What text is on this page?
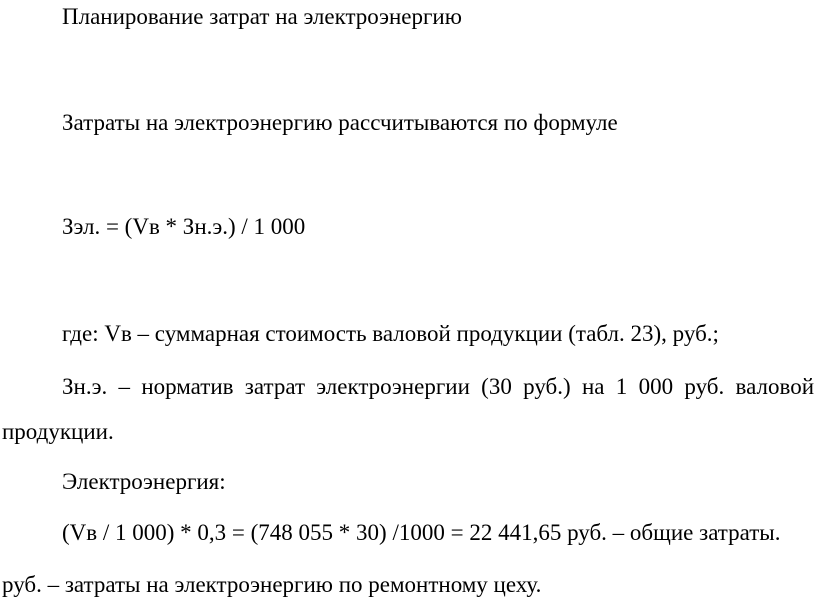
Планирование затрат на электроэнергию
Затраты на электроэнергию рассчитываются по формуле
Зэл. = (Vв * Зн.э.) / 1 000
где: Vв – суммарная стоимость валовой продукции (табл. 23), руб.;
Зн.э. – норматив затрат электроэнергии (30 руб.) на 1 000 руб. валовой
продукции.
Электроэнергия:
(Vв / 1 000) * 0,3 = (748 055 * 30) /1000 = 22 441,65 руб. – общие затраты.
руб. – затраты на электроэнергию по ремонтному цеху.
